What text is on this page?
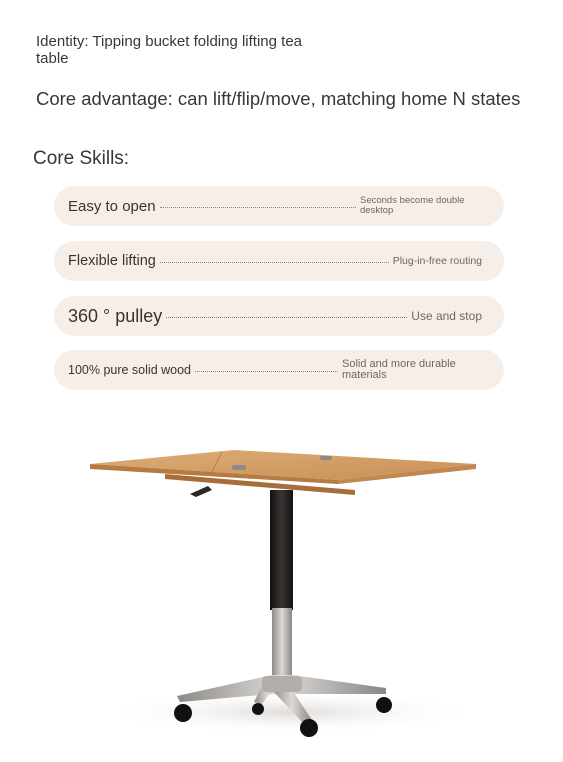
Identity: Tipping bucket folding lifting tea table
Core advantage: can lift/flip/move, matching home N states
Core Skills:
Easy to open	Seconds become double desktop
Flexible lifting	Plug-in-free routing
360 ° pulley	Use and stop
100% pure solid wood	Solid and more durable materials
